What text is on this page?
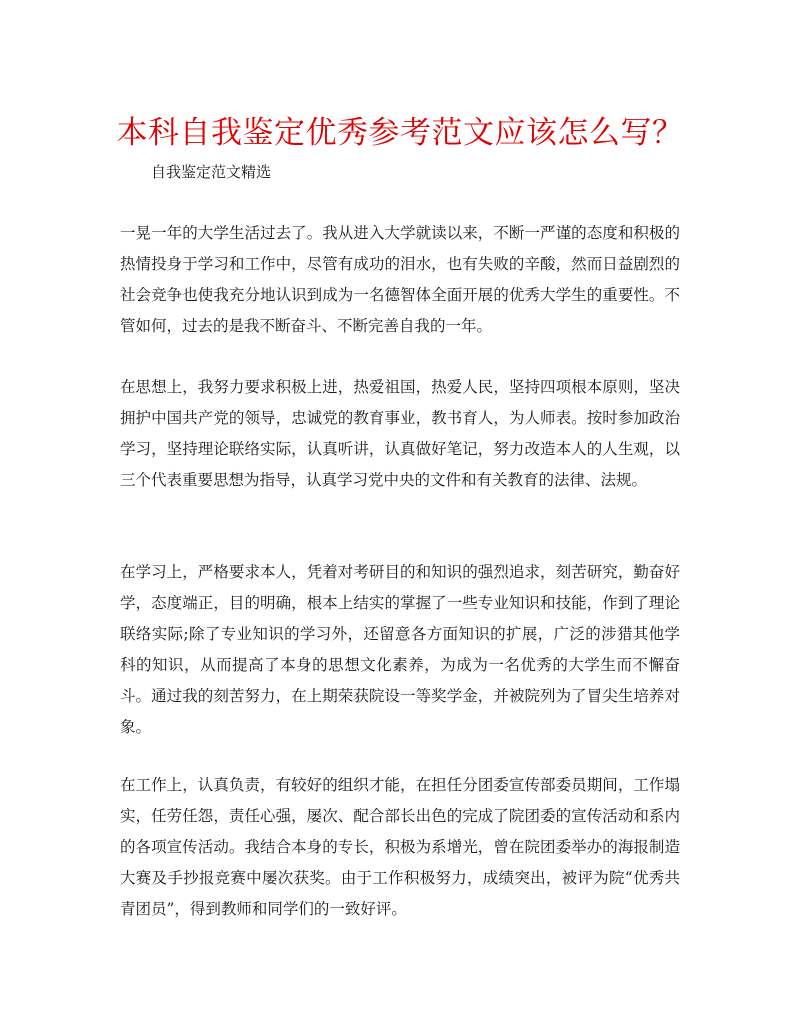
本科自我鉴定优秀参考范文应该怎么写？

自我鉴定范文精选

一晃一年的大学生活过去了。我从进入大学就读以来，不断一严谨的态度和积极的热情投身于学习和工作中，尽管有成功的泪水，也有失败的辛酸，然而日益剧烈的社会竞争也使我充分地认识到成为一名德智体全面开展的优秀大学生的重要性。不管如何，过去的是我不断奋斗、不断完善自我的一年。

在思想上，我努力要求积极上进，热爱祖国，热爱人民，坚持四项根本原则，坚决拥护中国共产党的领导，忠诚党的教育事业，教书育人，为人师表。按时参加政治学习，坚持理论联络实际，认真听讲，认真做好笔记，努力改造本人的人生观，以三个代表重要思想为指导，认真学习党中央的文件和有关教育的法律、法规。

在学习上，严格要求本人，凭着对考研目的和知识的强烈追求，刻苦研究，勤奋好学，态度端正，目的明确，根本上结实的掌握了一些专业知识和技能，作到了理论联络实际;除了专业知识的学习外，还留意各方面知识的扩展，广泛的涉猎其他学科的知识，从而提高了本身的思想文化素养，为成为一名优秀的大学生而不懈奋斗。通过我的刻苦努力，在上期荣获院设一等奖学金，并被院列为了冒尖生培养对象。

在工作上，认真负责，有较好的组织才能，在担任分团委宣传部委员期间，工作塌实，任劳任怨，责任心强，屡次、配合部长出色的完成了院团委的宣传活动和系内的各项宣传活动。我结合本身的专长，积极为系增光，曾在院团委举办的海报制造大赛及手抄报竞赛中屡次获奖。由于工作积极努力，成绩突出，被评为院“优秀共青团员”，得到教师和同学们的一致好评。
